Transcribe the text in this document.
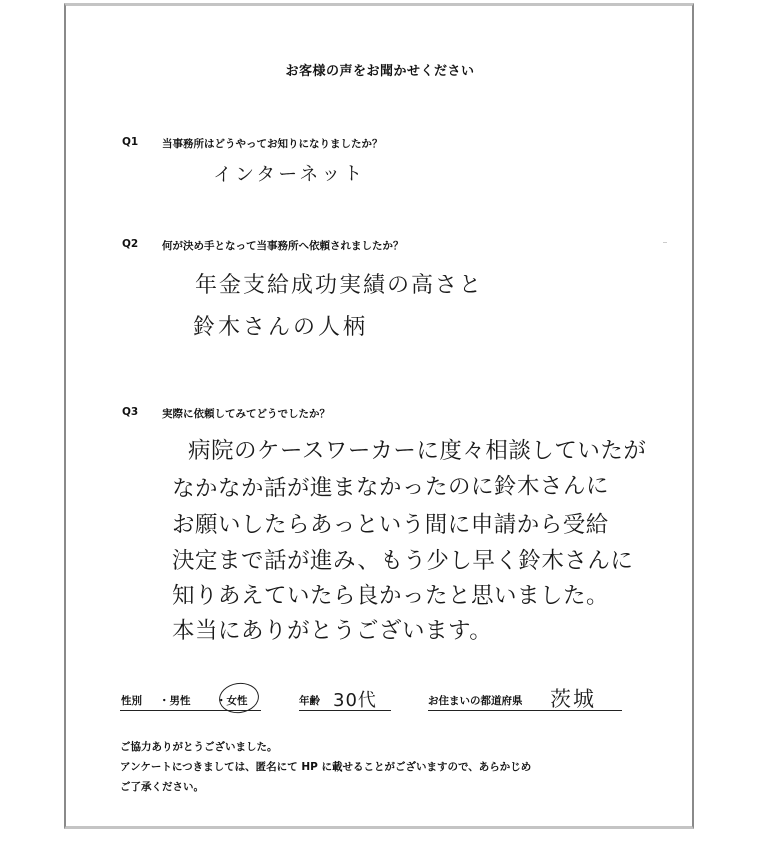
お客様の声をお聞かせください
Q1 当事務所はどうやってお知りになりましたか？
インターネット
Q2 何が決め手となって当事務所へ依頼されましたか？
年金支給成功実績の高さと
鈴木さんの人柄
Q3 実際に依頼してみてどうでしたか？
病院のケースワーカーに度々相談していたが
なかなか話が進まなかったのに鈴木さんに
お願いしたらあっという間に申請から受給
決定まで話が進み、もう少し早く鈴木さんに
知りあえていたら良かったと思いました。
本当にありがとうございます。
性別 ・男性 ・女性	年齢 30代	お住まいの都道府県 茨城
ご協力ありがとうございました。
アンケートにつきましては、匿名にて HP に載せることがございますので、あらかじめ
ご了承ください。
